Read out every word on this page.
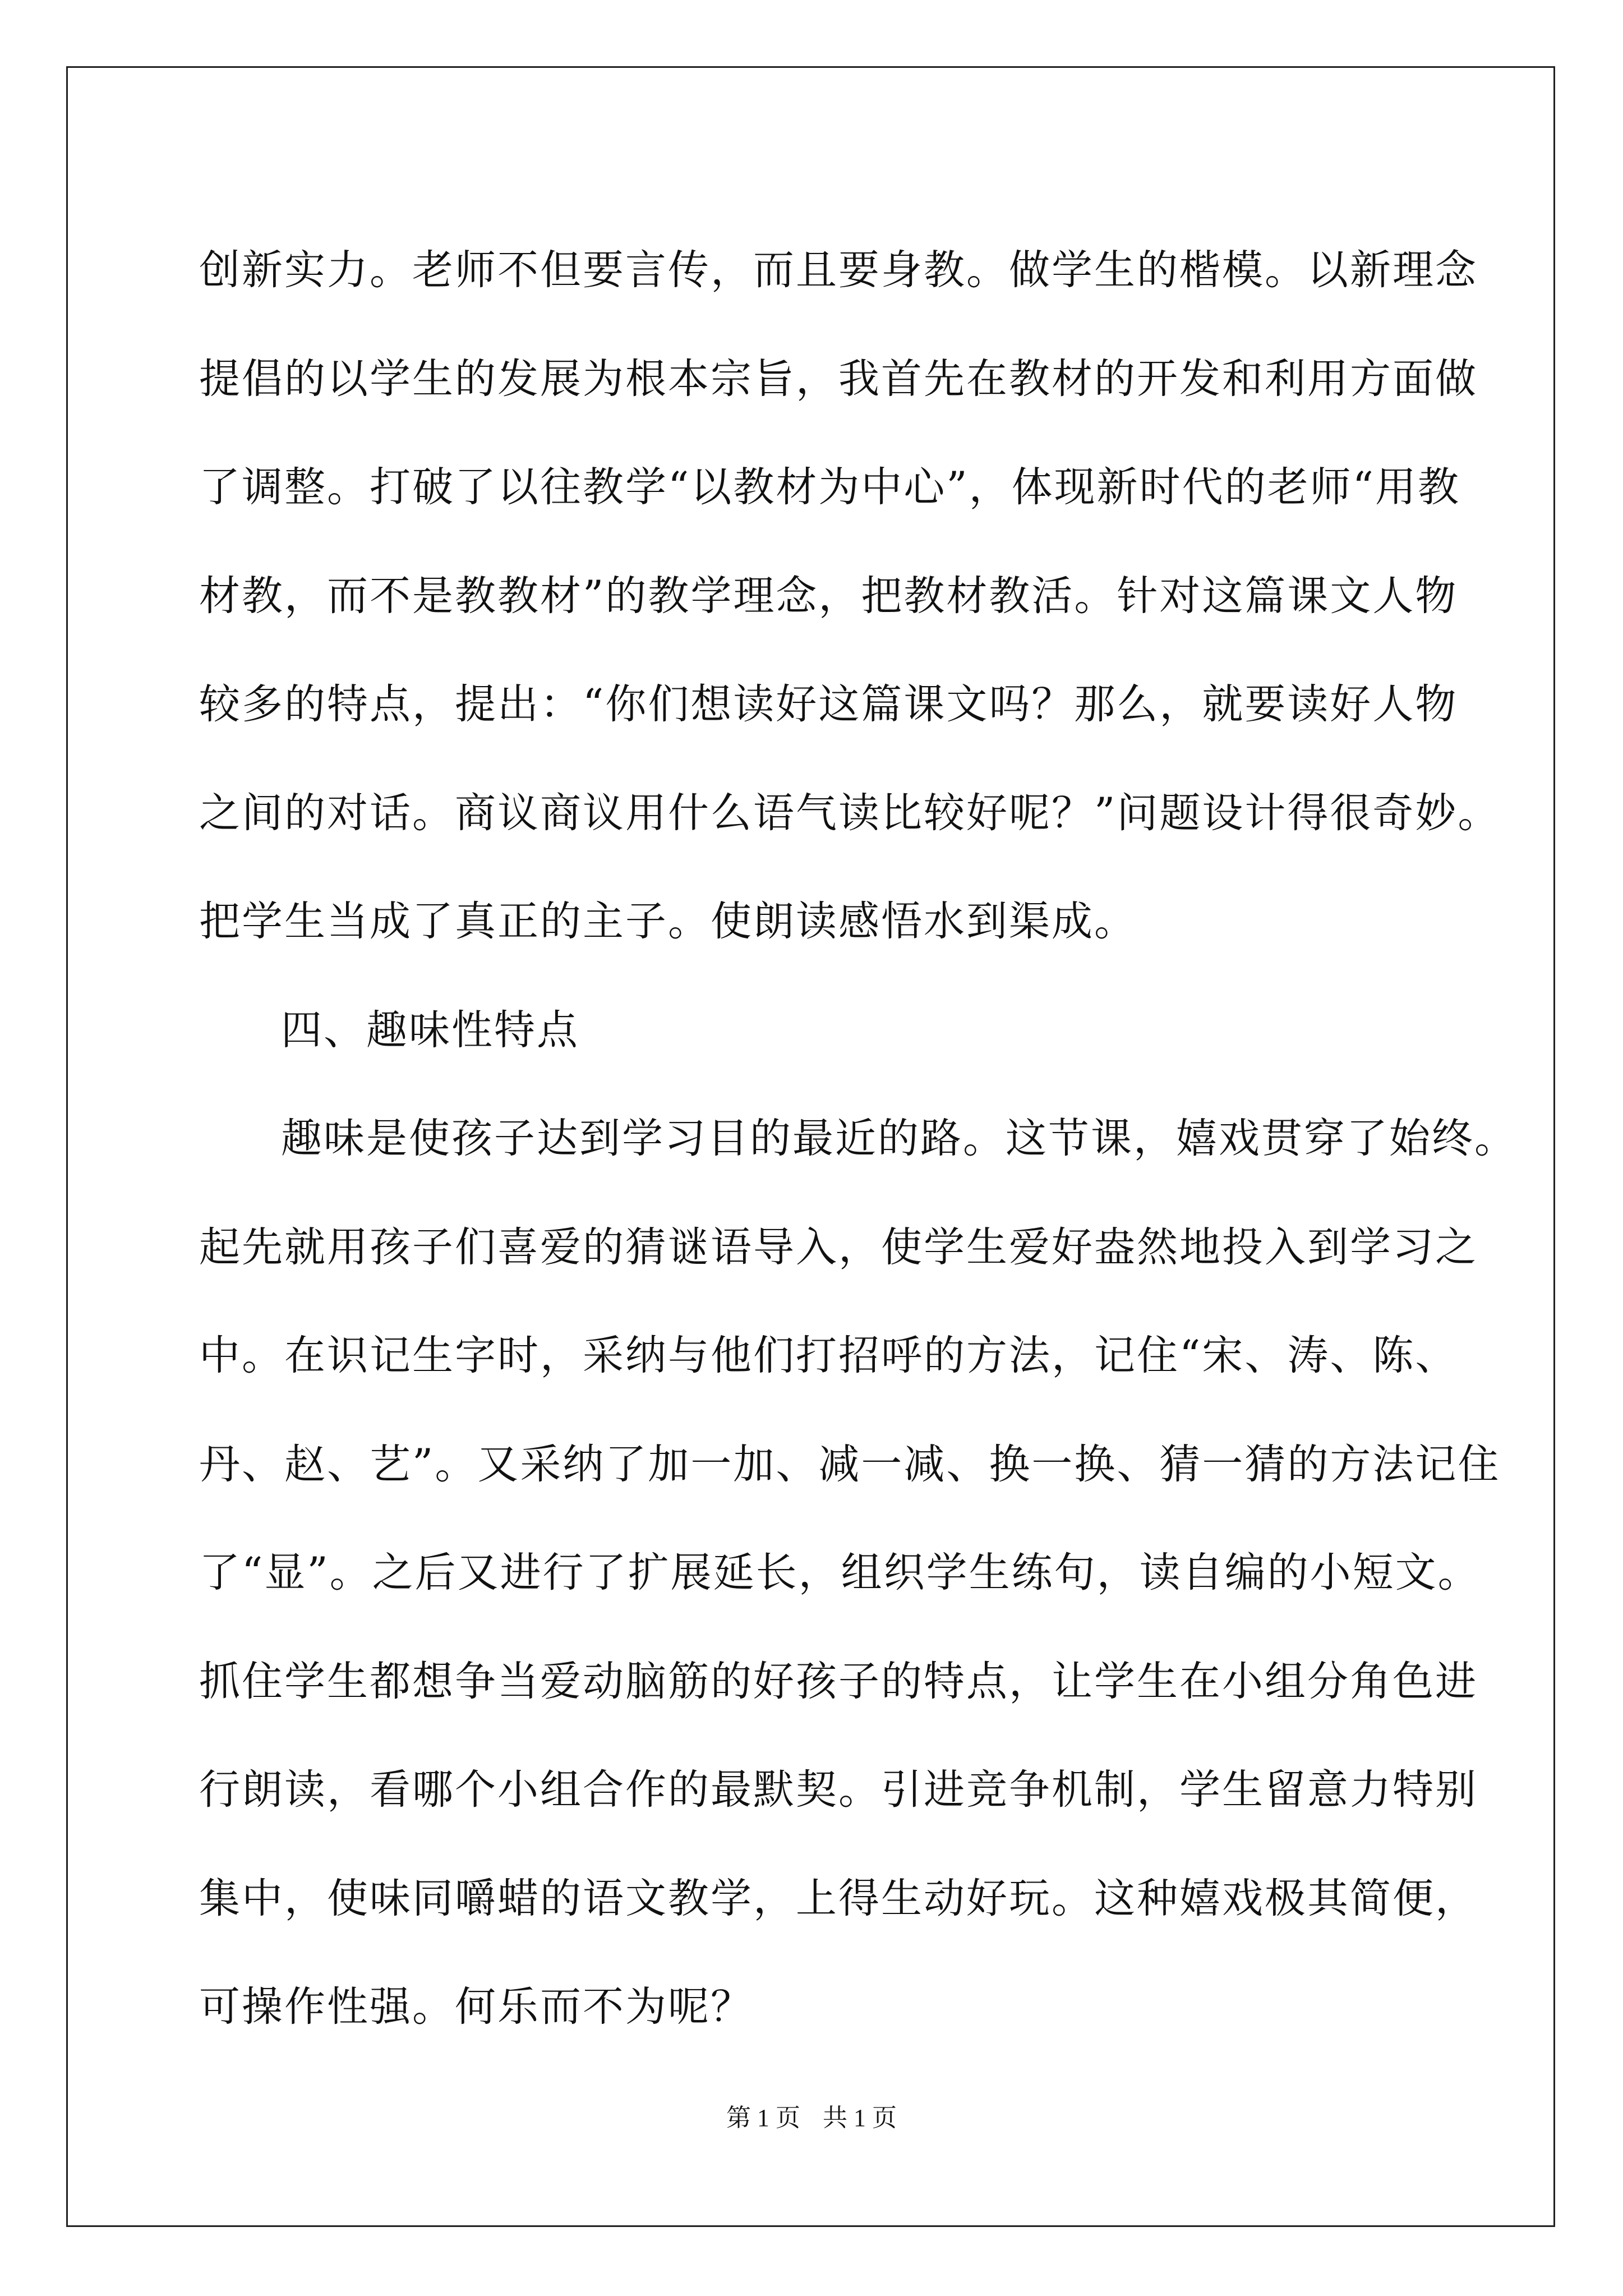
创新实力。老师不但要言传，而且要身教。做学生的楷模。以新理念
提倡的以学生的发展为根本宗旨，我首先在教材的开发和利用方面做
了调整。打破了以往教学“以教材为中心”，体现新时代的老师“用教
材教，而不是教教材”的教学理念，把教材教活。针对这篇课文人物
较多的特点，提出：“你们想读好这篇课文吗？那么，就要读好人物
之间的对话。商议商议用什么语气读比较好呢？”问题设计得很奇妙。
把学生当成了真正的主子。使朗读感悟水到渠成。
四、趣味性特点
趣味是使孩子达到学习目的最近的路。这节课，嬉戏贯穿了始终。
起先就用孩子们喜爱的猜谜语导入，使学生爱好盎然地投入到学习之
中。在识记生字时，采纳与他们打招呼的方法，记住“宋、涛、陈、
丹、赵、艺”。又采纳了加一加、减一减、换一换、猜一猜的方法记住
了“显”。之后又进行了扩展延长，组织学生练句，读自编的小短文。
抓住学生都想争当爱动脑筋的好孩子的特点，让学生在小组分角色进
行朗读，看哪个小组合作的最默契。引进竞争机制，学生留意力特别
集中，使味同嚼蜡的语文教学，上得生动好玩。这种嬉戏极其简便，
可操作性强。何乐而不为呢？
第 1 页 共 1 页
